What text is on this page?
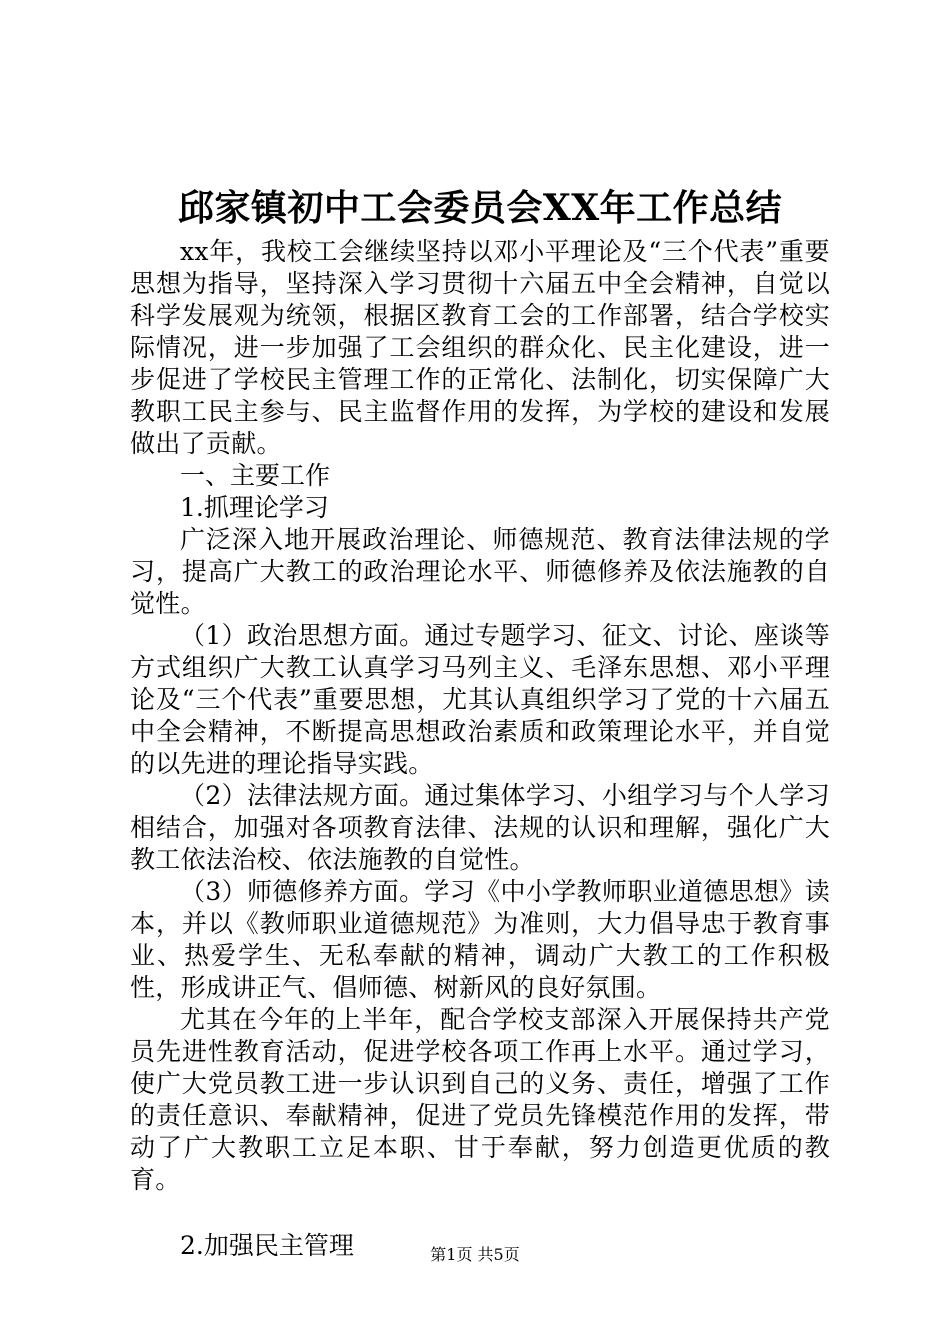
邱家镇初中工会委员会XX年工作总结

xx年，我校工会继续坚持以邓小平理论及“三个代表”重要思想为指导，坚持深入学习贯彻十六届五中全会精神，自觉以科学发展观为统领，根据区教育工会的工作部署，结合学校实际情况，进一步加强了工会组织的群众化、民主化建设，进一步促进了学校民主管理工作的正常化、法制化，切实保障广大教职工民主参与、民主监督作用的发挥，为学校的建设和发展做出了贡献。

一、主要工作

1.抓理论学习

广泛深入地开展政治理论、师德规范、教育法律法规的学习，提高广大教工的政治理论水平、师德修养及依法施教的自觉性。

（1）政治思想方面。通过专题学习、征文、讨论、座谈等方式组织广大教工认真学习马列主义、毛泽东思想、邓小平理论及“三个代表”重要思想，尤其认真组织学习了党的十六届五中全会精神，不断提高思想政治素质和政策理论水平，并自觉的以先进的理论指导实践。

（2）法律法规方面。通过集体学习、小组学习与个人学习相结合，加强对各项教育法律、法规的认识和理解，强化广大教工依法治校、依法施教的自觉性。

（3）师德修养方面。学习《中小学教师职业道德思想》读本，并以《教师职业道德规范》为准则，大力倡导忠于教育事业、热爱学生、无私奉献的精神，调动广大教工的工作积极性，形成讲正气、倡师德、树新风的良好氛围。

尤其在今年的上半年，配合学校支部深入开展保持共产党员先进性教育活动，促进学校各项工作再上水平。通过学习，使广大党员教工进一步认识到自己的义务、责任，增强了工作的责任意识、奉献精神，促进了党员先锋模范作用的发挥，带动了广大教职工立足本职、甘于奉献，努力创造更优质的教育。

2.加强民主管理	第1页 共5页
